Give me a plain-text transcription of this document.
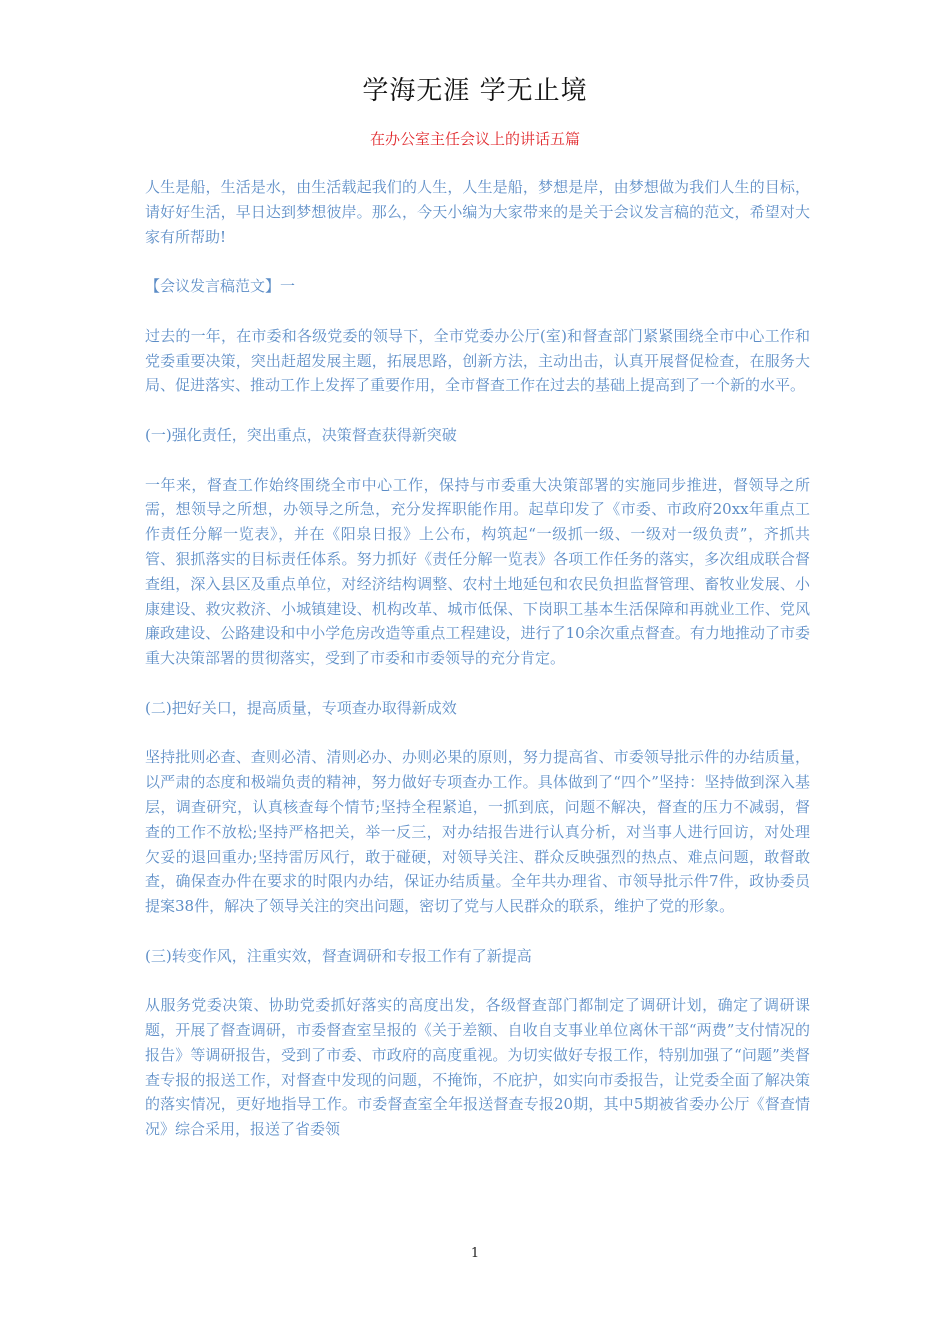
学海无涯 学无止境
在办公室主任会议上的讲话五篇

人生是船，生活是水，由生活载起我们的人生，人生是船，梦想是岸，由梦想做为我们人生的目标，请好好生活，早日达到梦想彼岸。那么，今天小编为大家带来的是关于会议发言稿的范文，希望对大家有所帮助!

【会议发言稿范文】一

过去的一年，在市委和各级党委的领导下，全市党委办公厅(室)和督查部门紧紧围绕全市中心工作和党委重要决策，突出赶超发展主题，拓展思路，创新方法，主动出击，认真开展督促检查，在服务大局、促进落实、推动工作上发挥了重要作用，全市督查工作在过去的基础上提高到了一个新的水平。

(一)强化责任，突出重点，决策督查获得新突破

一年来，督查工作始终围绕全市中心工作，保持与市委重大决策部署的实施同步推进，督领导之所需，想领导之所想，办领导之所急，充分发挥职能作用。起草印发了《市委、市政府20xx年重点工作责任分解一览表》，并在《阳泉日报》上公布，构筑起“一级抓一级、一级对一级负责”，齐抓共管、狠抓落实的目标责任体系。努力抓好《责任分解一览表》各项工作任务的落实，多次组成联合督查组，深入县区及重点单位，对经济结构调整、农村土地延包和农民负担监督管理、畜牧业发展、小康建设、救灾救济、小城镇建设、机构改革、城市低保、下岗职工基本生活保障和再就业工作、党风廉政建设、公路建设和中小学危房改造等重点工程建设，进行了10余次重点督查。有力地推动了市委重大决策部署的贯彻落实，受到了市委和市委领导的充分肯定。

(二)把好关口，提高质量，专项查办取得新成效

坚持批则必查、查则必清、清则必办、办则必果的原则，努力提高省、市委领导批示件的办结质量，以严肃的态度和极端负责的精神，努力做好专项查办工作。具体做到了“四个”坚持：坚持做到深入基层，调查研究，认真核查每个情节;坚持全程紧追，一抓到底，问题不解决，督查的压力不减弱，督查的工作不放松;坚持严格把关，举一反三，对办结报告进行认真分析，对当事人进行回访，对处理欠妥的退回重办;坚持雷厉风行，敢于碰硬，对领导关注、群众反映强烈的热点、难点问题，敢督敢查，确保查办件在要求的时限内办结，保证办结质量。全年共办理省、市领导批示件7件，政协委员提案38件，解决了领导关注的突出问题，密切了党与人民群众的联系，维护了党的形象。

(三)转变作风，注重实效，督查调研和专报工作有了新提高

从服务党委决策、协助党委抓好落实的高度出发，各级督查部门都制定了调研计划，确定了调研课题，开展了督查调研，市委督查室呈报的《关于差额、自收自支事业单位离休干部“两费”支付情况的报告》等调研报告，受到了市委、市政府的高度重视。为切实做好专报工作，特别加强了“问题”类督查专报的报送工作，对督查中发现的问题，不掩饰，不庇护，如实向市委报告，让党委全面了解决策的落实情况，更好地指导工作。市委督查室全年报送督查专报20期，其中5期被省委办公厅《督查情况》综合采用，报送了省委领

1
